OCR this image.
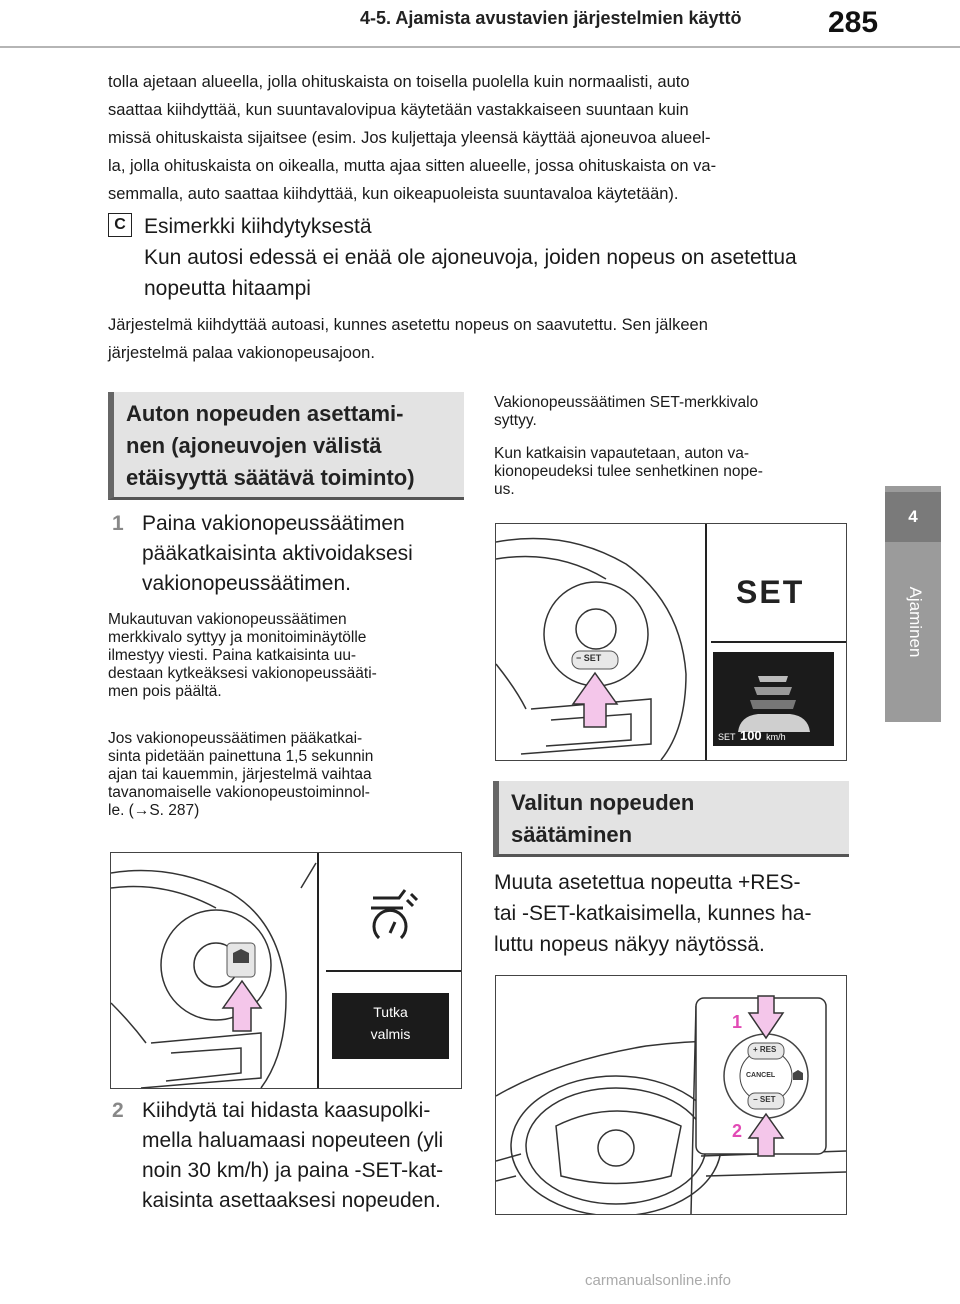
4-5. Ajamista avustavien järjestelmien käyttö	285
4
Ajaminen
tolla ajetaan alueella, jolla ohituskaista on toisella puolella kuin normaalisti, auto
saattaa kiihdyttää, kun suuntavalovipua käytetään vastakkaiseen suuntaan kuin
missä ohituskaista sijaitsee (esim. Jos kuljettaja yleensä käyttää ajoneuvoa alueel-
la, jolla ohituskaista on oikealla, mutta ajaa sitten alueelle, jossa ohituskaista on va-
semmalla, auto saattaa kiihdyttää, kun oikeapuoleista suuntavaloa käytetään).
C Esimerkki kiihdytyksestä
Kun autosi edessä ei enää ole ajoneuvoja, joiden nopeus on asetettua
nopeutta hitaampi
Järjestelmä kiihdyttää autoasi, kunnes asetettu nopeus on saavutettu. Sen jälkeen
järjestelmä palaa vakionopeusajoon.
Auton nopeuden asettami-
nen (ajoneuvojen välistä
etäisyyttä säätävä toiminto)
1 Paina vakionopeussäätimen
pääkatkaisinta aktivoidaksesi
vakionopeussäätimen.
Mukautuvan vakionopeussäätimen
merkkivalo syttyy ja monitoiminäytölle
ilmestyy viesti. Paina katkaisinta uu-
destaan kytkeäksesi vakionopeussääti-
men pois päältä.
Jos vakionopeussäätimen pääkatkai-
sinta pidetään painettuna 1,5 sekunnin
ajan tai kauemmin, järjestelmä vaihtaa
tavanomaiselle vakionopeustoiminnol-
le. (→S. 287)
Tutka
valmis
2 Kiihdytä tai hidasta kaasupolki-
mella haluamaasi nopeuteen (yli
noin 30 km/h) ja paina -SET-kat-
kaisinta asettaaksesi nopeuden.
Vakionopeussäätimen SET-merkkivalo
syttyy.
Kun katkaisin vapautetaan, auton va-
kionopeudeksi tulee senhetkinen nope-
us.
SET
− SET
SET 100 km/h
Valitun nopeuden
säätäminen
Muuta asetettua nopeutta +RES-
tai -SET-katkaisimella, kunnes ha-
luttu nopeus näkyy näytössä.
+ RES
CANCEL
− SET
1
2
carmanualsonline.info
